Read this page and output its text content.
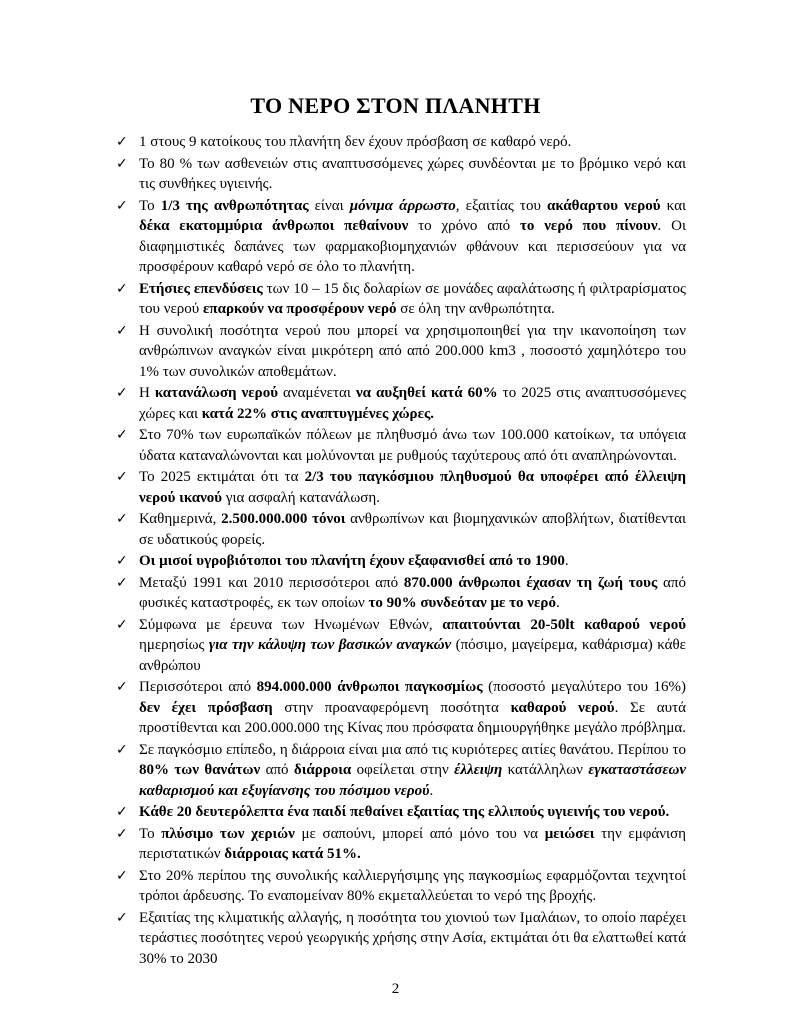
ΤΟ ΝΕΡΟ ΣΤΟΝ ΠΛΑΝΗΤΗ
✓ 1 στους 9 κατοίκους του πλανήτη δεν έχουν πρόσβαση σε καθαρό νερό.
✓ Το 80 % των ασθενειών στις αναπτυσσόμενες χώρες συνδέονται με το βρόμικο νερό και τις συνθήκες υγιεινής.
✓ Το 1/3 της ανθρωπότητας είναι μόνιμα άρρωστο, εξαιτίας του ακάθαρτου νερού και δέκα εκατομμύρια άνθρωποι πεθαίνουν το χρόνο από το νερό που πίνουν. Οι διαφημιστικές δαπάνες των φαρμακοβιομηχανιών φθάνουν και περισσεύουν για να προσφέρουν καθαρό νερό σε όλο το πλανήτη.
✓ Ετήσιες επενδύσεις των 10 – 15 δις δολαρίων σε μονάδες αφαλάτωσης ή φιλτραρίσματος του νερού επαρκούν να προσφέρουν νερό σε όλη την ανθρωπότητα.
✓ Η συνολική ποσότητα νερού που μπορεί να χρησιμοποιηθεί για την ικανοποίηση των ανθρώπινων αναγκών είναι μικρότερη από από 200.000 km3 , ποσοστό χαμηλότερο του 1% των συνολικών αποθεμάτων.
✓ Η κατανάλωση νερού αναμένεται να αυξηθεί κατά 60% το 2025 στις αναπτυσσόμενες χώρες και κατά 22% στις αναπτυγμένες χώρες.
✓ Στο 70% των ευρωπαϊκών πόλεων με πληθυσμό άνω των 100.000 κατοίκων, τα υπόγεια ύδατα καταναλώνονται και μολύνονται με ρυθμούς ταχύτερους από ότι αναπληρώνονται.
✓ Το 2025 εκτιμάται ότι τα 2/3 του παγκόσμιου πληθυσμού θα υποφέρει από έλλειψη νερού ικανού για ασφαλή κατανάλωση.
✓ Καθημερινά, 2.500.000.000 τόνοι ανθρωπίνων και βιομηχανικών αποβλήτων, διατίθενται σε υδατικούς φορείς.
✓ Οι μισοί υγροβιότοποι του πλανήτη έχουν εξαφανισθεί από το 1900.
✓ Μεταξύ 1991 και 2010 περισσότεροι από 870.000 άνθρωποι έχασαν τη ζωή τους από φυσικές καταστροφές, εκ των οποίων το 90% συνδεόταν με το νερό.
✓ Σύμφωνα με έρευνα των Ηνωμένων Εθνών, απαιτούνται 20-50lt καθαρού νερού ημερησίως για την κάλυψη των βασικών αναγκών (πόσιμο, μαγείρεμα, καθάρισμα) κάθε ανθρώπου
✓ Περισσότεροι από 894.000.000 άνθρωποι παγκοσμίως (ποσοστό μεγαλύτερο του 16%) δεν έχει πρόσβαση στην προαναφερόμενη ποσότητα καθαρού νερού. Σε αυτά προστίθενται και 200.000.000 της Κίνας που πρόσφατα δημιουργήθηκε μεγάλο πρόβλημα.
✓ Σε παγκόσμιο επίπεδο, η διάρροια είναι μια από τις κυριότερες αιτίες θανάτου. Περίπου το 80% των θανάτων από διάρροια οφείλεται στην έλλειψη κατάλληλων εγκαταστάσεων καθαρισμού και εξυγίανσης του πόσιμου νερού.
✓ Κάθε 20 δευτερόλεπτα ένα παιδί πεθαίνει εξαιτίας της ελλιπούς υγιεινής του νερού.
✓ Το πλύσιμο των χεριών με σαπούνι, μπορεί από μόνο του να μειώσει την εμφάνιση περιστατικών διάρροιας κατά 51%.
✓ Στο 20% περίπου της συνολικής καλλιεργήσιμης γης παγκοσμίως εφαρμόζονται τεχνητοί τρόποι άρδευσης. Το εναπομείναν 80% εκμεταλλεύεται το νερό της βροχής.
✓ Εξαιτίας της κλιματικής αλλαγής, η ποσότητα του χιονιού των Ιμαλάιων, το οποίο παρέχει τεράστιες ποσότητες νερού γεωργικής χρήσης στην Ασία, εκτιμάται ότι θα ελαττωθεί κατά 30% το 2030
2
